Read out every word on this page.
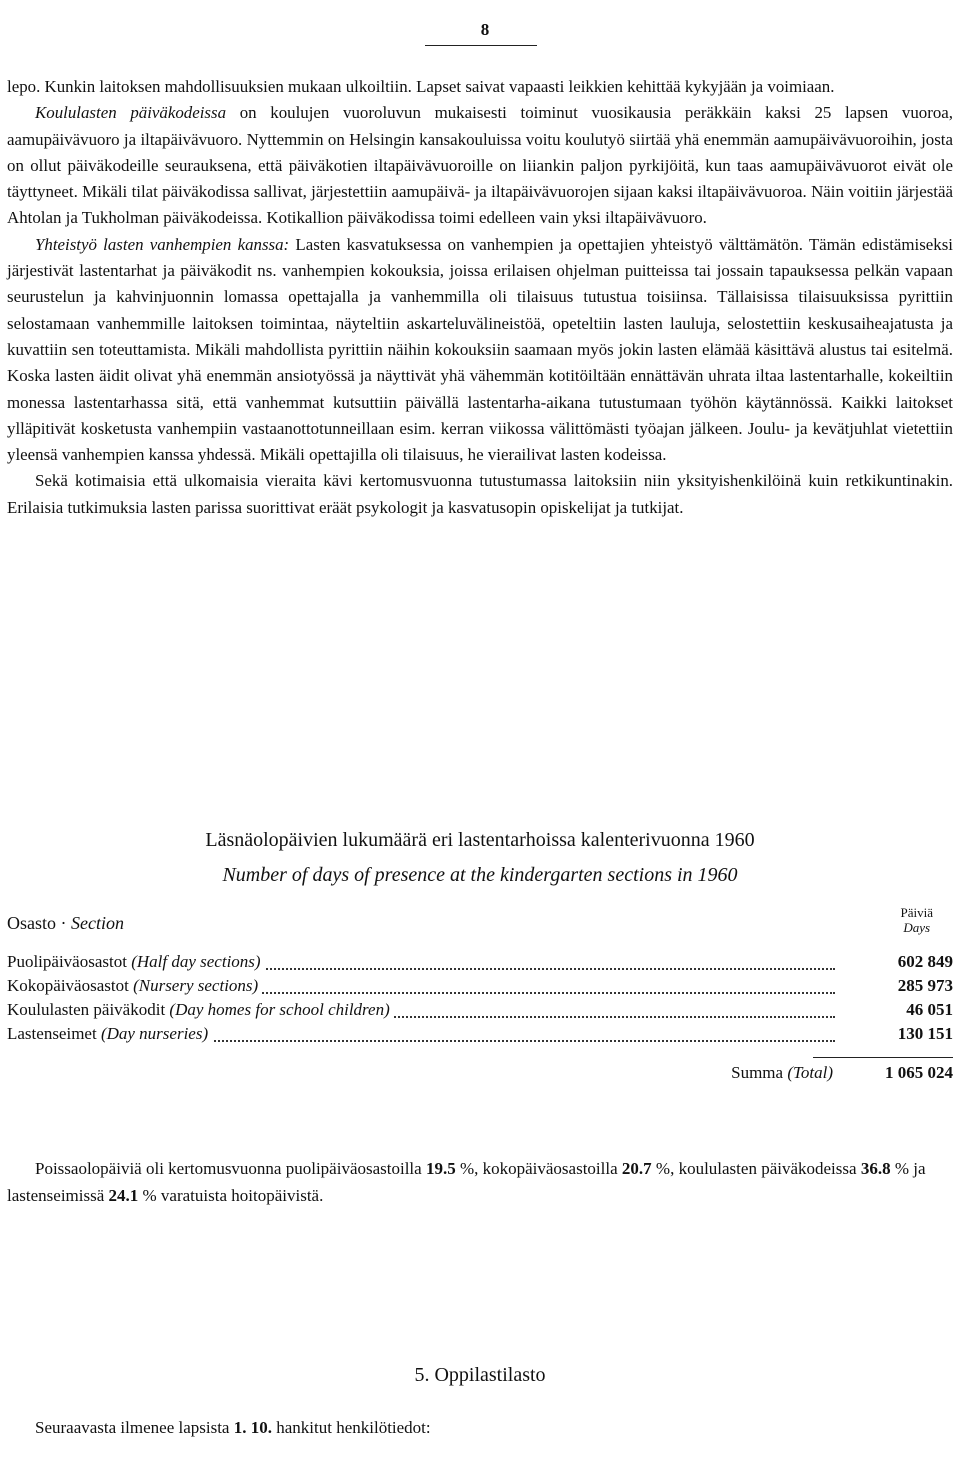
8

lepo. Kunkin laitoksen mahdollisuuksien mukaan ulkoiltiin. Lapset saivat vapaasti leikkien kehittää kykyjään ja voimiaan.

Koululasten päiväkodeissa on koulujen vuoroluvun mukaisesti toiminut vuosikausia peräkkäin kaksi 25 lapsen vuoroa, aamupäivävuoro ja iltapäivävuoro. Nyttemmin on Helsingin kansakouluissa voitu koulutyö siirtää yhä enemmän aamupäivävuoroihin, josta on ollut päiväkodeille seurauksena, että päiväkotien iltapäivävuoroille on liiankin paljon pyrkijöitä, kun taas aamupäivävuorot eivät ole täyttyneet. Mikäli tilat päiväkodissa sallivat, järjestettiin aamupäivä- ja iltapäivävuorojen sijaan kaksi iltapäivävuoroa. Näin voitiin järjestää Ahtolan ja Tukholman päiväkodeissa. Kotikallion päiväkodissa toimi edelleen vain yksi iltapäivävuoro.

Yhteistyö lasten vanhempien kanssa: Lasten kasvatuksessa on vanhempien ja opettajien yhteistyö välttämätön. Tämän edistämiseksi järjestivät lastentarhat ja päiväkodit ns. vanhempien kokouksia, joissa erilaisen ohjelman puitteissa tai jossain tapauksessa pelkän vapaan seurustelun ja kahvinjuonnin lomassa opettajalla ja vanhemmilla oli tilaisuus tutustua toisiinsa. Tällaisissa tilaisuuksissa pyrittiin selostamaan vanhemmille laitoksen toimintaa, näyteltiin askarteluvälineistöä, opeteltiin lasten lauluja, selostettiin keskusaiheajatusta ja kuvattiin sen toteuttamista. Mikäli mahdollista pyrittiin näihin kokouksiin saamaan myös jokin lasten elämää käsittävä alustus tai esitelmä. Koska lasten äidit olivat yhä enemmän ansiotyössä ja näyttivät yhä vähemmän kotitöiltään ennättävän uhrata iltaa lastentarhalle, kokeiltiin monessa lastentarhassa sitä, että vanhemmat kutsuttiin päivällä lastentarha-aikana tutustumaan työhön käytännössä. Kaikki laitokset ylläpitivät kosketusta vanhempiin vastaanottotunneillaan esim. kerran viikossa välittömästi työajan jälkeen. Joulu- ja kevätjuhlat vietettiin yleensä vanhempien kanssa yhdessä. Mikäli opettajilla oli tilaisuus, he vierailivat lasten kodeissa.

Sekä kotimaisia että ulkomaisia vieraita kävi kertomusvuonna tutustumassa laitoksiin niin yksityishenkilöinä kuin retkikuntinakin. Erilaisia tutkimuksia lasten parissa suorittivat eräät psykologit ja kasvatusopin opiskelijat ja tutkijat.

Läsnäolopäivien lukumäärä eri lastentarhoissa kalenterivuonna 1960
Number of days of presence at the kindergarten sections in 1960
Osasto · Section
Päiviä
Days
Puolipäiväosastot (Half day sections)	602 849
Kokopäiväosastot (Nursery sections)	285 973
Koululasten päiväkodit (Day homes for school children)	46 051
Lastenseimet (Day nurseries)	130 151
Summa (Total)	1 065 024

Poissaolopäiviä oli kertomusvuonna puolipäiväosastoilla 19.5 %, kokopäiväosastoilla 20.7 %, koululasten päiväkodeissa 36.8 % ja lastenseimissä 24.1 % varatuista hoitopäivistä.

5. Oppilastilasto
Seuraavasta ilmenee lapsista 1. 10. hankitut henkilötiedot:
